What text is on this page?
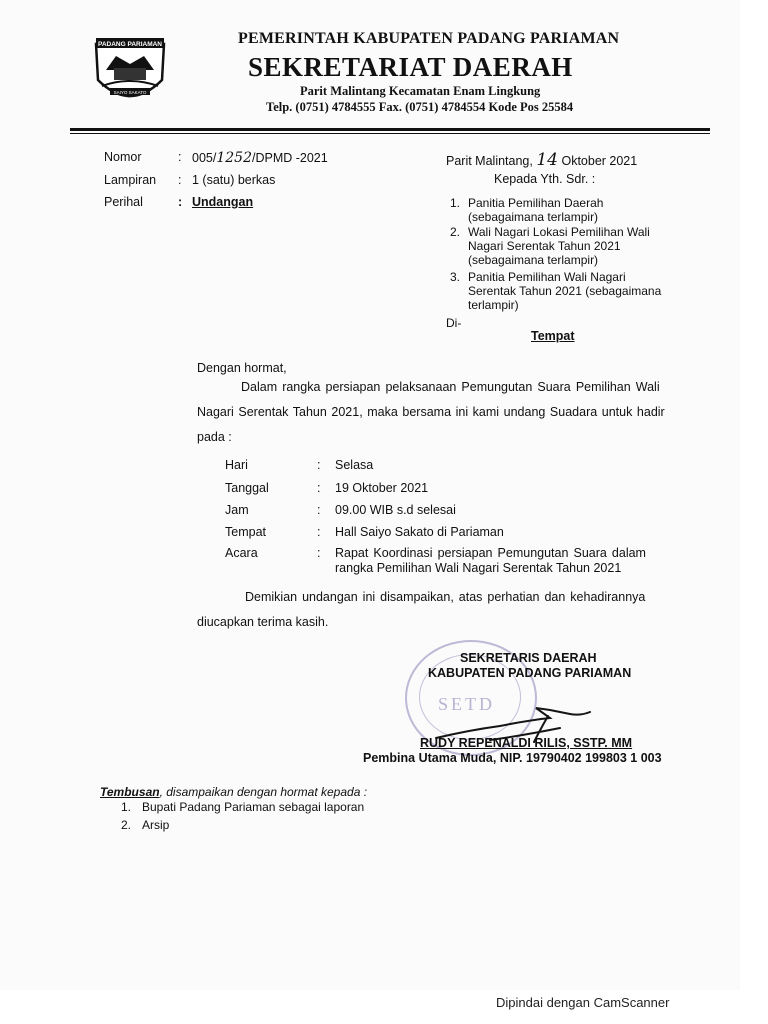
PADANG PARIAMAN
SAIYO SAKATO
PEMERINTAH KABUPATEN PADANG PARIAMAN
SEKRETARIAT DAERAH
Parit Malintang Kecamatan Enam Lingkung
Telp. (0751) 4784555 Fax. (0751) 4784554 Kode Pos 25584
Nomor	: 005/1252/DPMD -2021
Lampiran : 1 (satu) berkas
Perihal	: Undangan
Parit Malintang, 14 Oktober 2021
Kepada Yth. Sdr. :
1. Panitia Pemilihan Daerah
(sebagaimana terlampir)
2. Wali Nagari Lokasi Pemilihan Wali
Nagari Serentak Tahun 2021
(sebagaimana terlampir)
3. Panitia Pemilihan Wali Nagari
Serentak Tahun 2021 (sebagaimana
terlampir)
Di-
Tempat
Dengan hormat,
Dalam rangka persiapan pelaksanaan Pemungutan Suara Pemilihan Wali
Nagari Serentak Tahun 2021, maka bersama ini kami undang Suadara untuk hadir
pada :
Hari	: Selasa
Tanggal	: 19 Oktober 2021
Jam	: 09.00 WIB s.d selesai
Tempat	: Hall Saiyo Sakato di Pariaman
Acara	: Rapat Koordinasi persiapan Pemungutan Suara dalam
rangka Pemilihan Wali Nagari Serentak Tahun 2021
Demikian undangan ini disampaikan, atas perhatian dan kehadirannya
diucapkan terima kasih.
SETD
SEKRETARIS DAERAH
KABUPATEN PADANG PARIAMAN
RUDY REPENALDI RILIS, SSTP. MM
Pembina Utama Muda, NIP. 19790402 199803 1 003
Tembusan, disampaikan dengan hormat kepada :
1. Bupati Padang Pariaman sebagai laporan
2. Arsip
Dipindai dengan CamScanner
